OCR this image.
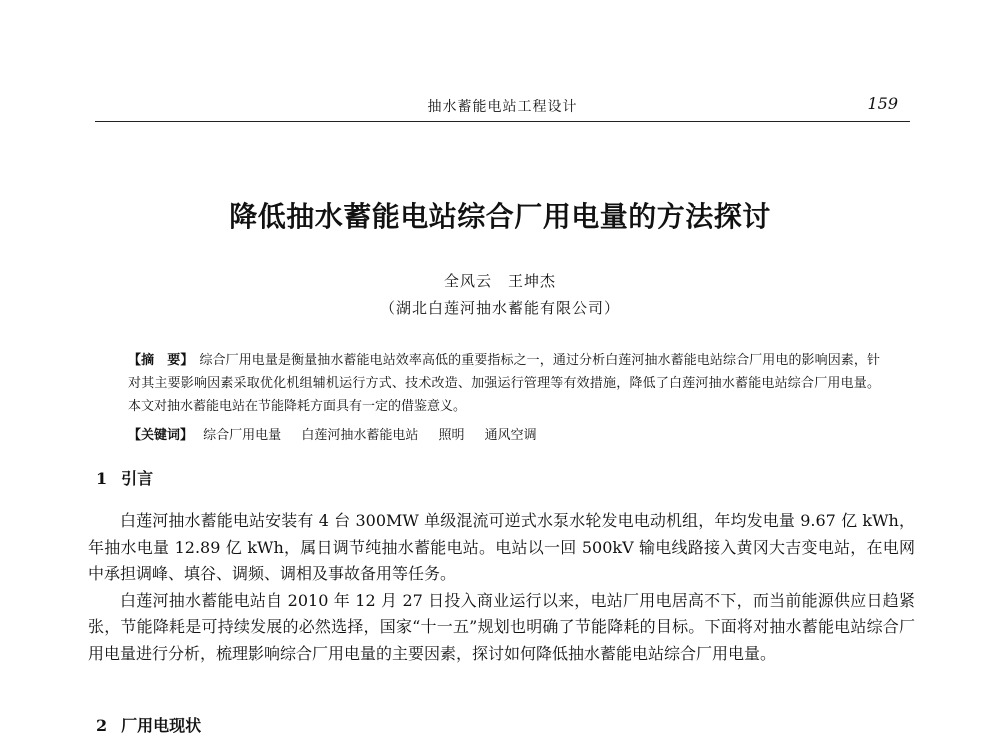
抽水蓄能电站工程设计	159
降低抽水蓄能电站综合厂用电量的方法探讨
全风云　王坤杰
（湖北白莲河抽水蓄能有限公司）
【摘　要】 综合厂用电量是衡量抽水蓄能电站效率高低的重要指标之一，通过分析白莲河抽水蓄能电站综合厂用电的影响因素，针对其主要影响因素采取优化机组辅机运行方式、技术改造、加强运行管理等有效措施，降低了白莲河抽水蓄能电站综合厂用电量。本文对抽水蓄能电站在节能降耗方面具有一定的借鉴意义。
【关键词】 综合厂用电量 白莲河抽水蓄能电站 照明 通风空调
1 引言

白莲河抽水蓄能电站安装有 4 台 300MW 单级混流可逆式水泵水轮发电电动机组，年均发电量 9.67 亿 kWh，年抽水电量 12.89 亿 kWh，属日调节纯抽水蓄能电站。电站以一回 500kV 输电线路接入黄冈大吉变电站，在电网中承担调峰、填谷、调频、调相及事故备用等任务。

白莲河抽水蓄能电站自 2010 年 12 月 27 日投入商业运行以来，电站厂用电居高不下，而当前能源供应日趋紧张，节能降耗是可持续发展的必然选择，国家“十一五”规划也明确了节能降耗的目标。下面将对抽水蓄能电站综合厂用电量进行分析，梳理影响综合厂用电量的主要因素，探讨如何降低抽水蓄能电站综合厂用电量。

2 厂用电现状
